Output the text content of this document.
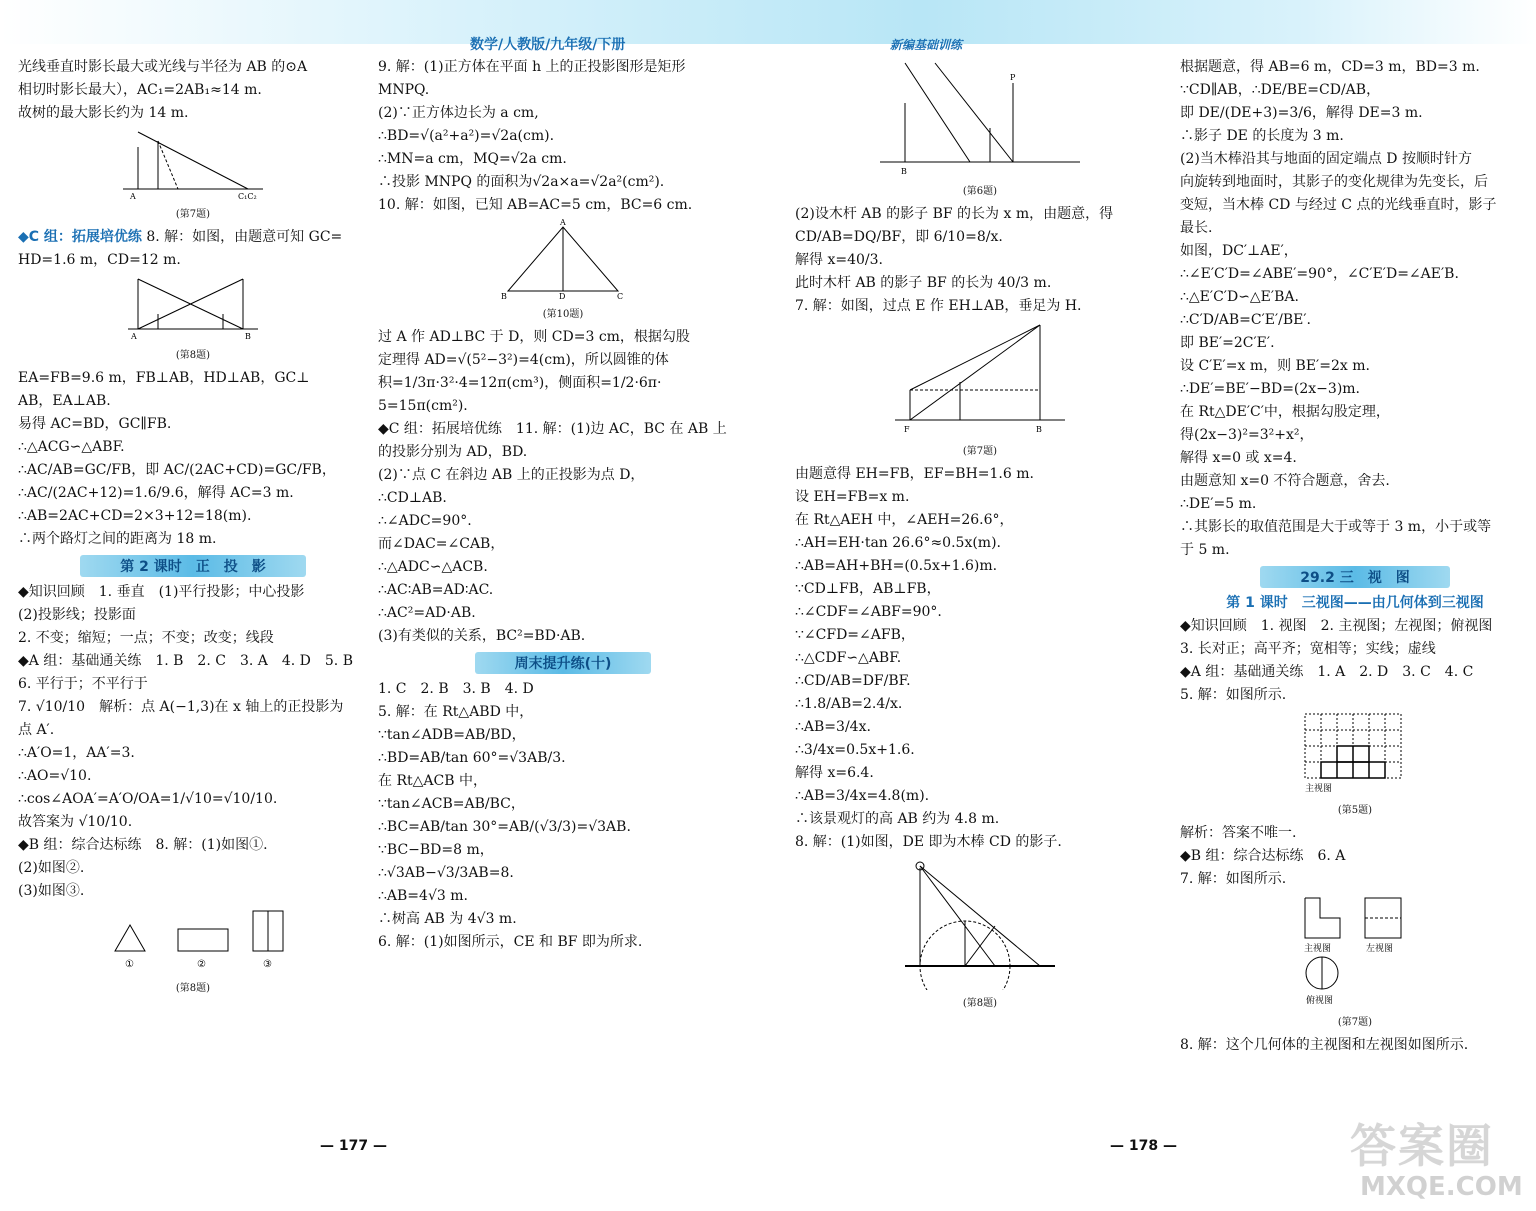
数学/人教版/九年级/下册	新编基础训练

光线垂直时影长最大或光线与半径为 AB 的⊙A

相切时影长最大），AC₁=2AB₁≈14 m.

故树的最大影长约为 14 m.

A	C₁C₂
(第7题)

◆C 组：拓展培优练 8. 解：如图，由题意可知 GC=

HD=1.6 m，CD=12 m.

A	B
(第8题)

EA=FB=9.6 m，FB⊥AB，HD⊥AB，GC⊥

AB，EA⊥AB.

易得 AC=BD，GC∥FB.

∴△ACG∽△ABF.

∴AC/AB=GC/FB，即 AC/(2AC+CD)=GC/FB，

∴AC/(2AC+12)=1.6/9.6，解得 AC=3 m.

∴AB=2AC+CD=2×3+12=18(m).

∴两个路灯之间的距离为 18 m.

第 2 课时　正　投　影

◆知识回顾　1. 垂直　(1)平行投影；中心投影

(2)投影线；投影面

2. 不变；缩短；一点；不变；改变；线段

◆A 组：基础通关练　1. B　2. C　3. A　4. D　5. B

6. 平行于；不平行于

7. √10/10　解析：点 A(−1,3)在 x 轴上的正投影为

点 A′.

∴A′O=1，AA′=3.

∴AO=√10.

∴cos∠AOA′=A′O/OA=1/√10=√10/10.

故答案为 √10/10.

◆B 组：综合达标练　8. 解：(1)如图①.

(2)如图②.

(3)如图③.

①	②	③
(第8题)

9. 解：(1)正方体在平面 h 上的正投影图形是矩形

MNPQ.

(2)∵正方体边长为 a cm,

∴BD=√(a²+a²)=√2a(cm).

∴MN=a cm，MQ=√2a cm.

∴投影 MNPQ 的面积为√2a×a=√2a²(cm²).

10. 解：如图，已知 AB=AC=5 cm，BC=6 cm.

A
B	D	C
(第10题)

过 A 作 AD⊥BC 于 D，则 CD=3 cm，根据勾股

定理得 AD=√(5²−3²)=4(cm)，所以圆锥的体

积=1/3π·3²·4=12π(cm³)，侧面积=1/2·6π·

5=15π(cm²).

◆C 组：拓展培优练　11. 解：(1)边 AC，BC 在 AB 上

的投影分别为 AD，BD.

(2)∵点 C 在斜边 AB 上的正投影为点 D，

∴CD⊥AB.

∴∠ADC=90°.

而∠DAC=∠CAB，

∴△ADC∽△ACB.

∴AC∶AB=AD∶AC.

∴AC²=AD·AB.

(3)有类似的关系，BC²=BD·AB.

周末提升练(十)

1. C　2. B　3. B　4. D

5. 解：在 Rt△ABD 中，

∵tan∠ADB=AB/BD，

∴BD=AB/tan 60°=√3AB/3.

在 Rt△ACB 中，

∵tan∠ACB=AB/BC，

∴BC=AB/tan 30°=AB/(√3/3)=√3AB.

∵BC−BD=8 m，

∴√3AB−√3/3AB=8.

∴AB=4√3 m.

∴树高 AB 为 4√3 m.

6. 解：(1)如图所示，CE 和 BF 即为所求.

B
P
(第6题)

(2)设木杆 AB 的影子 BF 的长为 x m，由题意，得

CD/AB=DQ/BF，即 6/10=8/x.

解得 x=40/3.

此时木杆 AB 的影子 BF 的长为 40/3 m.

7. 解：如图，过点 E 作 EH⊥AB，垂足为 H.

F	B
(第7题)

由题意得 EH=FB，EF=BH=1.6 m.

设 EH=FB=x m.

在 Rt△AEH 中，∠AEH=26.6°，

∴AH=EH·tan 26.6°≈0.5x(m).

∴AB=AH+BH=(0.5x+1.6)m.

∵CD⊥FB，AB⊥FB，

∴∠CDF=∠ABF=90°.

∵∠CFD=∠AFB，

∴△CDF∽△ABF.

∴CD/AB=DF/BF.

∴1.8/AB=2.4/x.

∴AB=3/4x.

∴3/4x=0.5x+1.6.

解得 x=6.4.

∴AB=3/4x=4.8(m).

∴该景观灯的高 AB 约为 4.8 m.

8. 解：(1)如图，DE 即为木棒 CD 的影子.

(第8题)

根据题意，得 AB=6 m，CD=3 m，BD=3 m.

∵CD∥AB，∴DE/BE=CD/AB，

即 DE/(DE+3)=3/6，解得 DE=3 m.

∴影子 DE 的长度为 3 m.

(2)当木棒沿其与地面的固定端点 D 按顺时针方

向旋转到地面时，其影子的变化规律为先变长，后

变短，当木棒 CD 与经过 C 点的光线垂直时，影子

最长.

如图，DC′⊥AE′，

∴∠E′C′D=∠ABE′=90°，∠C′E′D=∠AE′B.

∴△E′C′D∽△E′BA.

∴C′D/AB=C′E′/BE′.

即 BE′=2C′E′.

设 C′E′=x m，则 BE′=2x m.

∴DE′=BE′−BD=(2x−3)m.

在 Rt△DE′C′中，根据勾股定理，

得(2x−3)²=3²+x²，

解得 x=0 或 x=4.

由题意知 x=0 不符合题意，舍去.

∴DE′=5 m.

∴其影长的取值范围是大于或等于 3 m，小于或等

于 5 m.

29.2 三　视　图

第 1 课时　三视图——由几何体到三视图

◆知识回顾　1. 视图　2. 主视图；左视图；俯视图

3. 长对正；高平齐；宽相等；实线；虚线

◆A 组：基础通关练　1. A　2. D　3. C　4. C

5. 解：如图所示.

主视图
(第5题)

解析：答案不唯一.

◆B 组：综合达标练　6. A

7. 解：如图所示.

主视图	左视图
俯视图
(第7题)

8. 解：这个几何体的主视图和左视图如图所示.

— 177 —	— 178 —	答案圈
MXQE.COM
